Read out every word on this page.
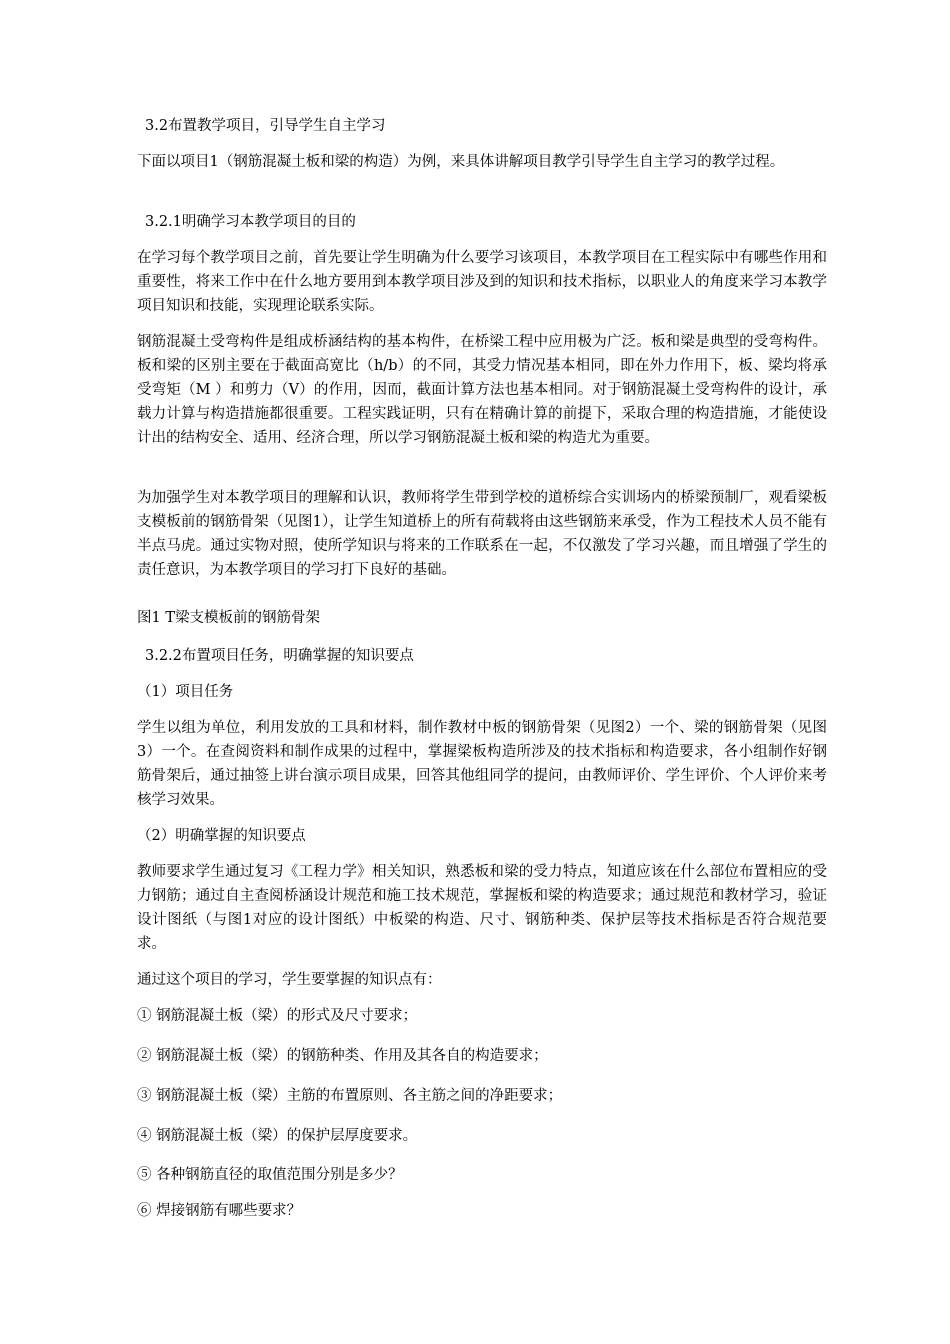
3.2布置教学项目，引导学生自主学习

下面以项目1（钢筋混凝土板和梁的构造）为例，来具体讲解项目教学引导学生自主学习的教学过程。

3.2.1明确学习本教学项目的目的

在学习每个教学项目之前，首先要让学生明确为什么要学习该项目，本教学项目在工程实际中有哪些作用和重要性，将来工作中在什么地方要用到本教学项目涉及到的知识和技术指标，以职业人的角度来学习本教学项目知识和技能，实现理论联系实际。

钢筋混凝土受弯构件是组成桥涵结构的基本构件，在桥梁工程中应用极为广泛。板和梁是典型的受弯构件。板和梁的区别主要在于截面高宽比（h/b）的不同，其受力情况基本相同，即在外力作用下，板、梁均将承受弯矩（M ）和剪力（V）的作用，因而，截面计算方法也基本相同。对于钢筋混凝土受弯构件的设计，承载力计算与构造措施都很重要。工程实践证明，只有在精确计算的前提下，采取合理的构造措施，才能使设计出的结构安全、适用、经济合理，所以学习钢筋混凝土板和梁的构造尤为重要。

为加强学生对本教学项目的理解和认识，教师将学生带到学校的道桥综合实训场内的桥梁预制厂，观看梁板支模板前的钢筋骨架（见图1），让学生知道桥上的所有荷载将由这些钢筋来承受，作为工程技术人员不能有半点马虎。通过实物对照，使所学知识与将来的工作联系在一起，不仅激发了学习兴趣，而且增强了学生的责任意识，为本教学项目的学习打下良好的基础。

图1 T梁支模板前的钢筋骨架

3.2.2布置项目任务，明确掌握的知识要点

（1）项目任务

学生以组为单位，利用发放的工具和材料，制作教材中板的钢筋骨架（见图2）一个、梁的钢筋骨架（见图3）一个。在查阅资料和制作成果的过程中，掌握梁板构造所涉及的技术指标和构造要求，各小组制作好钢筋骨架后，通过抽签上讲台演示项目成果，回答其他组同学的提问，由教师评价、学生评价、个人评价来考核学习效果。

（2）明确掌握的知识要点

教师要求学生通过复习《工程力学》相关知识，熟悉板和梁的受力特点，知道应该在什么部位布置相应的受力钢筋；通过自主查阅桥涵设计规范和施工技术规范，掌握板和梁的构造要求；通过规范和教材学习，验证设计图纸（与图1对应的设计图纸）中板梁的构造、尺寸、钢筋种类、保护层等技术指标是否符合规范要求。

通过这个项目的学习，学生要掌握的知识点有：

① 钢筋混凝土板（梁）的形式及尺寸要求；

② 钢筋混凝土板（梁）的钢筋种类、作用及其各自的构造要求；

③ 钢筋混凝土板（梁）主筋的布置原则、各主筋之间的净距要求；

④ 钢筋混凝土板（梁）的保护层厚度要求。

⑤ 各种钢筋直径的取值范围分别是多少？

⑥ 焊接钢筋有哪些要求？
